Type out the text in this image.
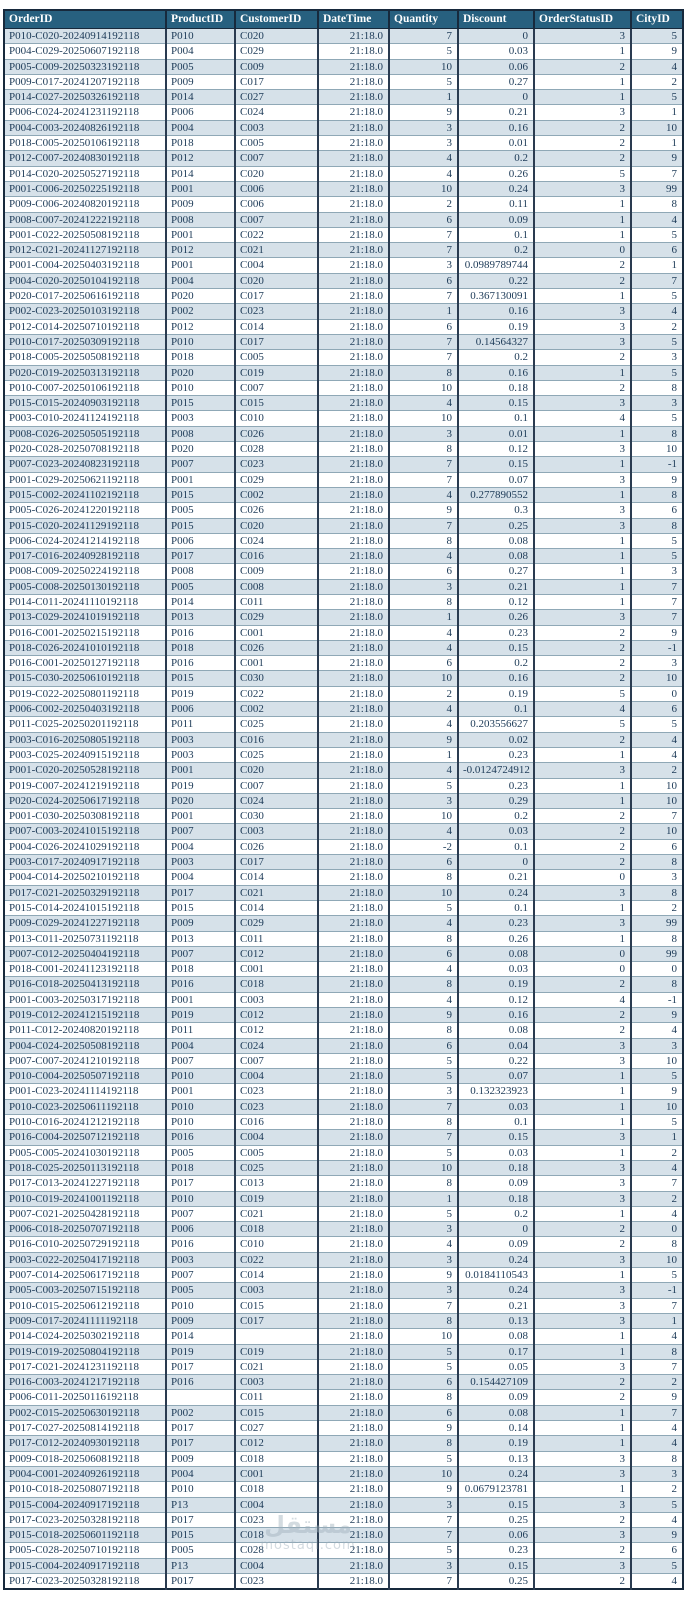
OrderID	ProductID	CustomerID	DateTime	Quantity	Discount	OrderStatusID	CityID
P010-C020-20240914192118	P010	C020	21:18.0	7	0	3	5
P004-C029-20250607192118	P004	C029	21:18.0	5	0.03	1	9
P005-C009-20250323192118	P005	C009	21:18.0	10	0.06	2	4
P009-C017-20241207192118	P009	C017	21:18.0	5	0.27	1	2
P014-C027-20250326192118	P014	C027	21:18.0	1	0	1	5
P006-C024-20241231192118	P006	C024	21:18.0	9	0.21	3	1
P004-C003-20240826192118	P004	C003	21:18.0	3	0.16	2	10
P018-C005-20250106192118	P018	C005	21:18.0	3	0.01	2	1
P012-C007-20240830192118	P012	C007	21:18.0	4	0.2	2	9
P014-C020-20250527192118	P014	C020	21:18.0	4	0.26	5	7
P001-C006-20250225192118	P001	C006	21:18.0	10	0.24	3	99
P009-C006-20240820192118	P009	C006	21:18.0	2	0.11	1	8
P008-C007-20241222192118	P008	C007	21:18.0	6	0.09	1	4
P001-C022-20250508192118	P001	C022	21:18.0	7	0.1	1	5
P012-C021-20241127192118	P012	C021	21:18.0	7	0.2	0	6
P001-C004-20250403192118	P001	C004	21:18.0	3	0.0989789744	2	1
P004-C020-20250104192118	P004	C020	21:18.0	6	0.22	2	7
P020-C017-20250616192118	P020	C017	21:18.0	7	0.367130091	1	5
P002-C023-20250103192118	P002	C023	21:18.0	1	0.16	3	4
P012-C014-20250710192118	P012	C014	21:18.0	6	0.19	3	2
P010-C017-20250309192118	P010	C017	21:18.0	7	0.14564327	3	5
P018-C005-20250508192118	P018	C005	21:18.0	7	0.2	2	3
P020-C019-20250313192118	P020	C019	21:18.0	8	0.16	1	5
P010-C007-20250106192118	P010	C007	21:18.0	10	0.18	2	8
P015-C015-20240903192118	P015	C015	21:18.0	4	0.15	3	3
P003-C010-20241124192118	P003	C010	21:18.0	10	0.1	4	5
P008-C026-20250505192118	P008	C026	21:18.0	3	0.01	1	8
P020-C028-20250708192118	P020	C028	21:18.0	8	0.12	3	10
P007-C023-20240823192118	P007	C023	21:18.0	7	0.15	1	-1
P001-C029-20250621192118	P001	C029	21:18.0	7	0.07	3	9
P015-C002-20241102192118	P015	C002	21:18.0	4	0.277890552	1	8
P005-C026-20241220192118	P005	C026	21:18.0	9	0.3	3	6
P015-C020-20241129192118	P015	C020	21:18.0	7	0.25	3	8
P006-C024-20241214192118	P006	C024	21:18.0	8	0.08	1	5
P017-C016-20240928192118	P017	C016	21:18.0	4	0.08	1	5
P008-C009-20250224192118	P008	C009	21:18.0	6	0.27	1	3
P005-C008-20250130192118	P005	C008	21:18.0	3	0.21	1	7
P014-C011-20241110192118	P014	C011	21:18.0	8	0.12	1	7
P013-C029-20241019192118	P013	C029	21:18.0	1	0.26	3	7
P016-C001-20250215192118	P016	C001	21:18.0	4	0.23	2	9
P018-C026-20241010192118	P018	C026	21:18.0	4	0.15	2	-1
P016-C001-20250127192118	P016	C001	21:18.0	6	0.2	2	3
P015-C030-20250610192118	P015	C030	21:18.0	10	0.16	2	10
P019-C022-20250801192118	P019	C022	21:18.0	2	0.19	5	0
P006-C002-20250403192118	P006	C002	21:18.0	4	0.1	4	6
P011-C025-20250201192118	P011	C025	21:18.0	4	0.203556627	5	5
P003-C016-20250805192118	P003	C016	21:18.0	9	0.02	2	4
P003-C025-20240915192118	P003	C025	21:18.0	1	0.23	1	4
P001-C020-20250528192118	P001	C020	21:18.0	4	-0.0124724912	3	2
P019-C007-20241219192118	P019	C007	21:18.0	5	0.23	1	10
P020-C024-20250617192118	P020	C024	21:18.0	3	0.29	1	10
P001-C030-20250308192118	P001	C030	21:18.0	10	0.2	2	7
P007-C003-20241015192118	P007	C003	21:18.0	4	0.03	2	10
P004-C026-20241029192118	P004	C026	21:18.0	-2	0.1	2	6
P003-C017-20240917192118	P003	C017	21:18.0	6	0	2	8
P004-C014-20250210192118	P004	C014	21:18.0	8	0.21	0	3
P017-C021-20250329192118	P017	C021	21:18.0	10	0.24	3	8
P015-C014-20241015192118	P015	C014	21:18.0	5	0.1	1	2
P009-C029-20241227192118	P009	C029	21:18.0	4	0.23	3	99
P013-C011-20250731192118	P013	C011	21:18.0	8	0.26	1	8
P007-C012-20250404192118	P007	C012	21:18.0	6	0.08	0	99
P018-C001-20241123192118	P018	C001	21:18.0	4	0.03	0	0
P016-C018-20250413192118	P016	C018	21:18.0	8	0.19	2	8
P001-C003-20250317192118	P001	C003	21:18.0	4	0.12	4	-1
P019-C012-20241215192118	P019	C012	21:18.0	9	0.16	2	9
P011-C012-20240820192118	P011	C012	21:18.0	8	0.08	2	4
P004-C024-20250508192118	P004	C024	21:18.0	6	0.04	3	3
P007-C007-20241210192118	P007	C007	21:18.0	5	0.22	3	10
P010-C004-20250507192118	P010	C004	21:18.0	5	0.07	1	5
P001-C023-20241114192118	P001	C023	21:18.0	3	0.132323923	1	9
P010-C023-20250611192118	P010	C023	21:18.0	7	0.03	1	10
P010-C016-20241212192118	P010	C016	21:18.0	8	0.1	1	5
P016-C004-20250712192118	P016	C004	21:18.0	7	0.15	3	1
P005-C005-20241030192118	P005	C005	21:18.0	5	0.03	1	2
P018-C025-20250113192118	P018	C025	21:18.0	10	0.18	3	4
P017-C013-20241227192118	P017	C013	21:18.0	8	0.09	3	7
P010-C019-20241001192118	P010	C019	21:18.0	1	0.18	3	2
P007-C021-20250428192118	P007	C021	21:18.0	5	0.2	1	4
P006-C018-20250707192118	P006	C018	21:18.0	3	0	2	0
P016-C010-20250729192118	P016	C010	21:18.0	4	0.09	2	8
P003-C022-20250417192118	P003	C022	21:18.0	3	0.24	3	10
P007-C014-20250617192118	P007	C014	21:18.0	9	0.0184110543	1	5
P005-C003-20250715192118	P005	C003	21:18.0	3	0.24	3	-1
P010-C015-20250612192118	P010	C015	21:18.0	7	0.21	3	7
P009-C017-20241111192118	P009	C017	21:18.0	8	0.13	3	1
P014-C024-20250302192118	P014		21:18.0	10	0.08	1	4
P019-C019-20250804192118	P019	C019	21:18.0	5	0.17	1	8
P017-C021-20241231192118	P017	C021	21:18.0	5	0.05	3	7
P016-C003-20241217192118	P016	C003	21:18.0	6	0.154427109	2	2
P006-C011-20250116192118		C011	21:18.0	8	0.09	2	9
P002-C015-20250630192118	P002	C015	21:18.0	6	0.08	1	7
P017-C027-20250814192118	P017	C027	21:18.0	9	0.14	1	4
P017-C012-20240930192118	P017	C012	21:18.0	8	0.19	1	4
P009-C018-20250608192118	P009	C018	21:18.0	5	0.13	3	8
P004-C001-20240926192118	P004	C001	21:18.0	10	0.24	3	3
P010-C018-20250807192118	P010	C018	21:18.0	9	0.0679123781	1	2
P015-C004-20240917192118	P13	C004	21:18.0	3	0.15	3	5
P017-C023-20250328192118	P017	C023	21:18.0	7	0.25	2	4
P015-C018-20250601192118	P015	C018	21:18.0	7	0.06	3	9
P005-C028-20250710192118	P005	C028	21:18.0	5	0.23	2	6
P015-C004-20240917192118	P13	C004	21:18.0	3	0.15	3	5
P017-C023-20250328192118	P017	C023	21:18.0	7	0.25	2	4
مستقل
mostaql.com
